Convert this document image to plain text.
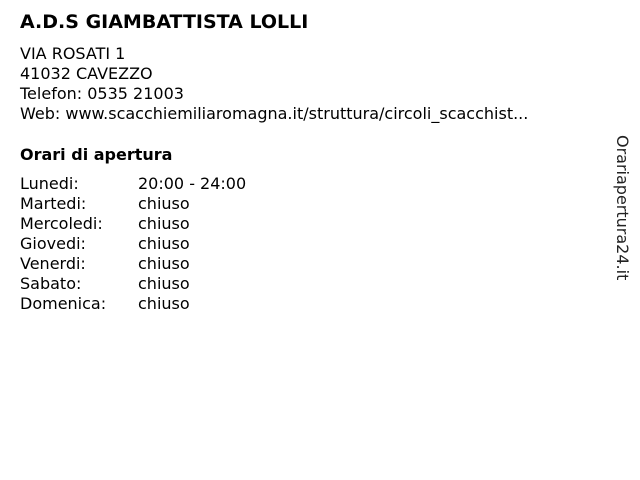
A.D.S GIAMBATTISTA LOLLI
VIA ROSATI 1
41032 CAVEZZO
Telefon: 0535 21003
Web: www.scacchiemiliaromagna.it/struttura/circoli_scacchist...
Orari di apertura
Lunedi:	20:00 - 24:00
Martedi:	chiuso
Mercoledi: chiuso
Giovedi:	chiuso
Venerdi:	chiuso
Sabato:	chiuso
Domenica: chiuso
Orariapertura24.it
